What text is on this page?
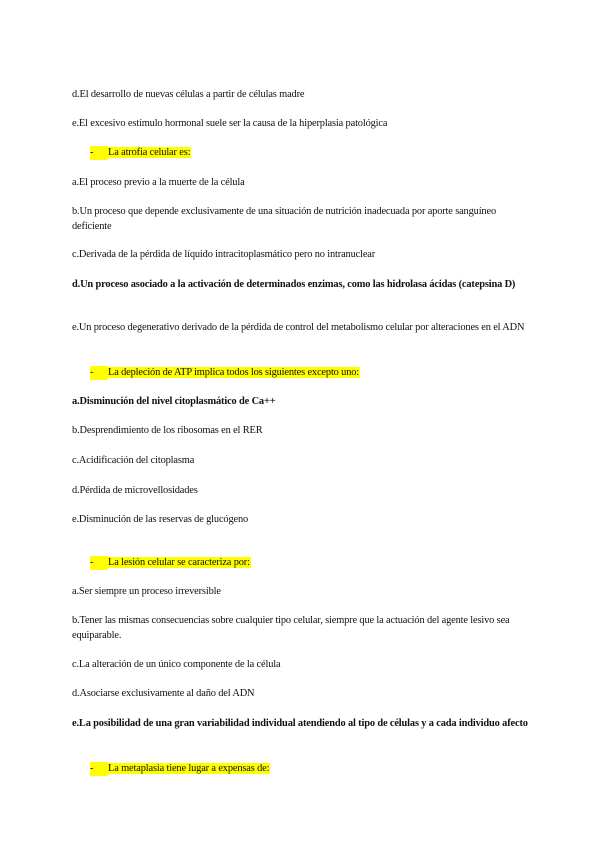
d.El desarrollo de nuevas células a partir de células madre
e.El excesivo estímulo hormonal suele ser la causa de la hiperplasia patológica
- La atrofia celular es:
a.El proceso previo a la muerte de la célula
b.Un proceso que depende exclusivamente de una situación de nutrición inadecuada por aporte sanguíneo deficiente
c.Derivada de la pérdida de líquido intracitoplasmático pero no intranuclear
d.Un proceso asociado a la activación de determinados enzimas, como las hidrolasa ácidas (catepsina D)
e.Un proceso degenerativo derivado de la pérdida de control del metabolismo celular por alteraciones en el ADN
- La depleción de ATP implica todos los siguientes excepto uno:
a.Disminución del nivel citoplasmático de Ca++
b.Desprendimiento de los ribosomas en el RER
c.Acidificación del citoplasma
d.Pérdida de microvellosidades
e.Disminución de las reservas de glucógeno
- La lesión celular se caracteriza por:
a.Ser siempre un proceso irreversible
b.Tener las mismas consecuencias sobre cualquier tipo celular, siempre que la actuación del agente lesivo sea equiparable.
c.La alteración de un único componente de la célula
d.Asociarse exclusivamente al daño del ADN
e.La posibilidad de una gran variabilidad individual atendiendo al tipo de células y a cada individuo afecto
- La metaplasia tiene lugar a expensas de:
